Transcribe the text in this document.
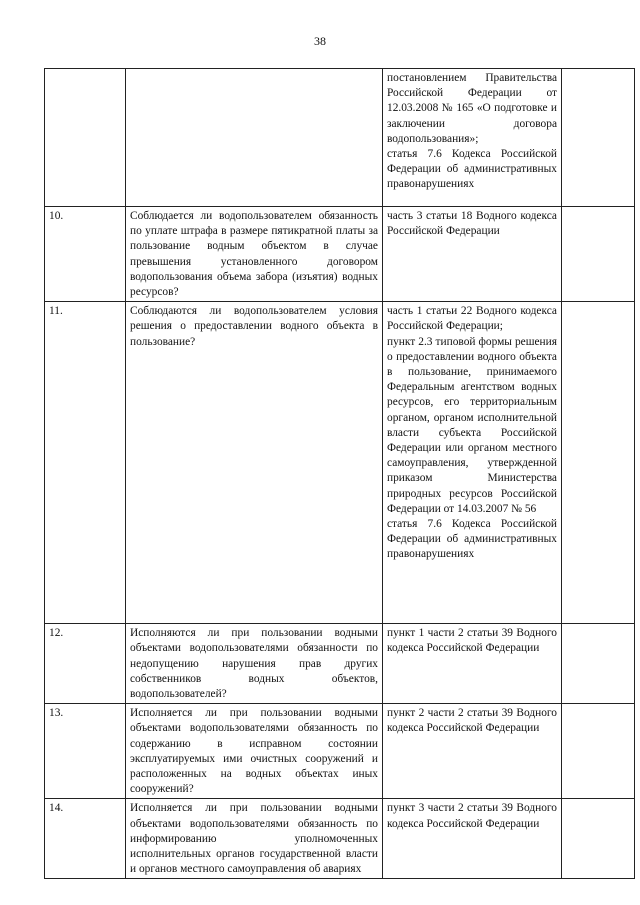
38

		постановлением Правительства Российской Федерации от 12.03.2008 № 165 «О подготовке и заключении договора водопользования»;
статья 7.6 Кодекса Российской Федерации об административных правонарушениях		

10.	Соблюдается ли водопользователем обязанность по уплате штрафа в размере пятикратной платы за пользование водным объектом в случае превышения установленного договором водопользования объема забора (изъятия) водных ресурсов?	часть 3 статьи 18 Водного кодекса Российской Федерации		

11.	Соблюдаются ли водопользователем условия решения о предоставлении водного объекта в пользование?	часть 1 статьи 22 Водного кодекса Российской Федерации;
пункт 2.3 типовой формы решения о предоставлении водного объекта в пользование, принимаемого Федеральным агентством водных ресурсов, его территориальным органом, органом исполнительной власти субъекта Российской Федерации или органом местного самоуправления, утвержденной приказом Министерства природных ресурсов Российской Федерации от 14.03.2007 № 56
статья 7.6 Кодекса Российской Федерации об административных правонарушениях		

12.	Исполняются ли при пользовании водными объектами водопользователями обязанности по недопущению нарушения прав других собственников водных объектов, водопользователей?	пункт 1 части 2 статьи 39 Водного кодекса Российской Федерации		

13.	Исполняется ли при пользовании водными объектами водопользователями обязанность по содержанию в исправном состоянии эксплуатируемых ими очистных сооружений и расположенных на водных объектах иных сооружений?	пункт 2 части 2 статьи 39 Водного кодекса Российской Федерации		

14.	Исполняется ли при пользовании водными объектами водопользователями обязанность по информированию уполномоченных исполнительных органов государственной власти и органов местного самоуправления об авариях	пункт 3 части 2 статьи 39 Водного кодекса Российской Федерации		
